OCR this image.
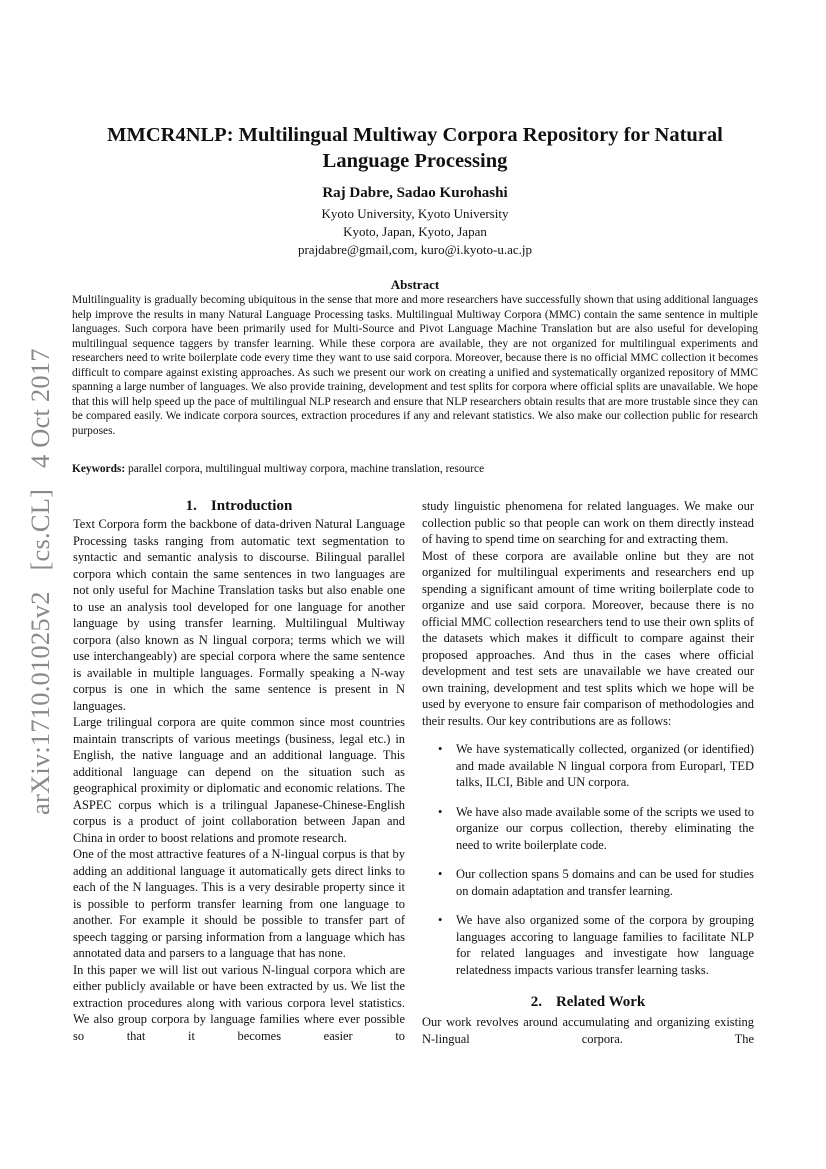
arXiv:1710.01025v2 [cs.CL] 4 Oct 2017
MMCR4NLP: Multilingual Multiway Corpora Repository for Natural
Language Processing
Raj Dabre, Sadao Kurohashi
Kyoto University, Kyoto University
Kyoto, Japan, Kyoto, Japan
prajdabre@gmail,com, kuro@i.kyoto-u.ac.jp
Abstract
Multilinguality is gradually becoming ubiquitous in the sense that more and more researchers have successfully shown that using additional languages help improve the results in many Natural Language Processing tasks. Multilingual Multiway Corpora (MMC) contain the same sentence in multiple languages. Such corpora have been primarily used for Multi-Source and Pivot Language Machine Translation but are also useful for developing multilingual sequence taggers by transfer learning. While these corpora are available, they are not organized for multilingual experiments and researchers need to write boilerplate code every time they want to use said corpora. Moreover, because there is no official MMC collection it becomes difficult to compare against existing approaches. As such we present our work on creating a unified and systematically organized repository of MMC spanning a large number of languages. We also provide training, development and test splits for corpora where official splits are unavailable. We hope that this will help speed up the pace of multilingual NLP research and ensure that NLP researchers obtain results that are more trustable since they can be compared easily. We indicate corpora sources, extraction procedures if any and relevant statistics. We also make our collection public for research purposes.
Keywords: parallel corpora, multilingual multiway corpora, machine translation, resource
1. Introduction

Text Corpora form the backbone of data-driven Natural Language Processing tasks ranging from automatic text segmentation to syntactic and semantic analysis to discourse. Bilingual parallel corpora which contain the same sentences in two languages are not only useful for Machine Translation tasks but also enable one to use an analysis tool developed for one language for another language by using transfer learning. Multilingual Multiway corpora (also known as N lingual corpora; terms which we will use interchangeably) are special corpora where the same sentence is available in multiple languages. Formally speaking a N-way corpus is one in which the same sentence is present in N languages.

Large trilingual corpora are quite common since most countries maintain transcripts of various meetings (business, legal etc.) in English, the native language and an additional language. This additional language can depend on the situation such as geographical proximity or diplomatic and economic relations. The ASPEC corpus which is a trilingual Japanese-Chinese-English corpus is a product of joint collaboration between Japan and China in order to boost relations and promote research.

One of the most attractive features of a N-lingual corpus is that by adding an additional language it automatically gets direct links to each of the N languages. This is a very desirable property since it is possible to perform transfer learning from one language to another. For example it should be possible to transfer part of speech tagging or parsing information from a language which has annotated data and parsers to a language that has none.

In this paper we will list out various N-lingual corpora which are either publicly available or have been extracted by us. We list the extraction procedures along with various corpora level statistics. We also group corpora by language families where ever possible so that it becomes easier to

study linguistic phenomena for related languages. We make our collection public so that people can work on them directly instead of having to spend time on searching for and extracting them.

Most of these corpora are available online but they are not organized for multilingual experiments and researchers end up spending a significant amount of time writing boilerplate code to organize and use said corpora. Moreover, because there is no official MMC collection researchers tend to use their own splits of the datasets which makes it difficult to compare against their proposed approaches. And thus in the cases where official development and test sets are unavailable we have created our own training, development and test splits which we hope will be used by everyone to ensure fair comparison of methodologies and their results. Our key contributions are as follows:

• We have systematically collected, organized (or identified) and made available N lingual corpora from Europarl, TED talks, ILCI, Bible and UN corpora.
• We have also made available some of the scripts we used to organize our corpus collection, thereby eliminating the need to write boilerplate code.
• Our collection spans 5 domains and can be used for studies on domain adaptation and transfer learning.
• We have also organized some of the corpora by grouping languages accoring to language families to facilitate NLP for related languages and investigate how language relatedness impacts various transfer learning tasks.
2. Related Work

Our work revolves around accumulating and organizing existing N-lingual corpora. The
